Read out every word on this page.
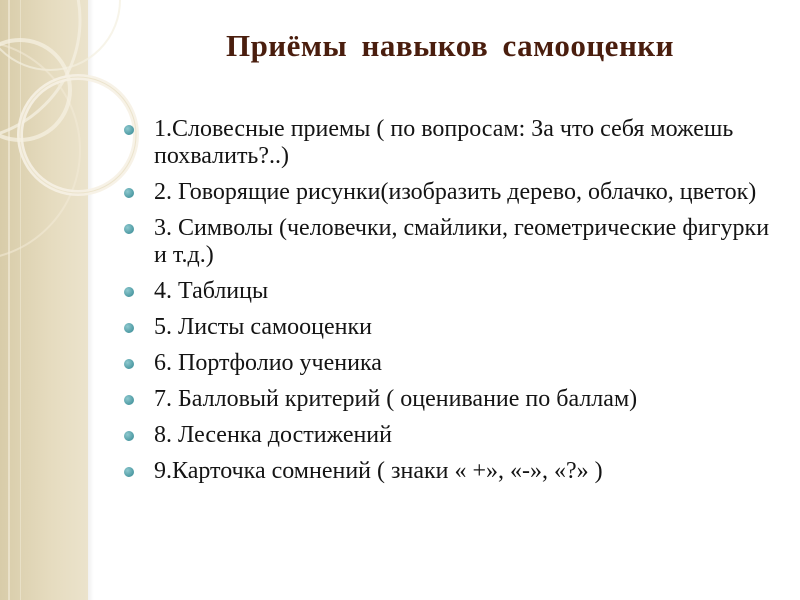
Приёмы навыков самооценки
1.Словесные приемы ( по вопросам: За что себя можешь похвалить?..)
2. Говорящие рисунки(изобразить дерево, облачко, цветок)
3. Символы (человечки, смайлики, геометрические фигурки и т.д.)
4. Таблицы
5. Листы самооценки
6. Портфолио ученика
7. Балловый критерий ( оценивание по баллам)
8. Лесенка достижений
9.Карточка сомнений ( знаки « +», «-», «?» )
